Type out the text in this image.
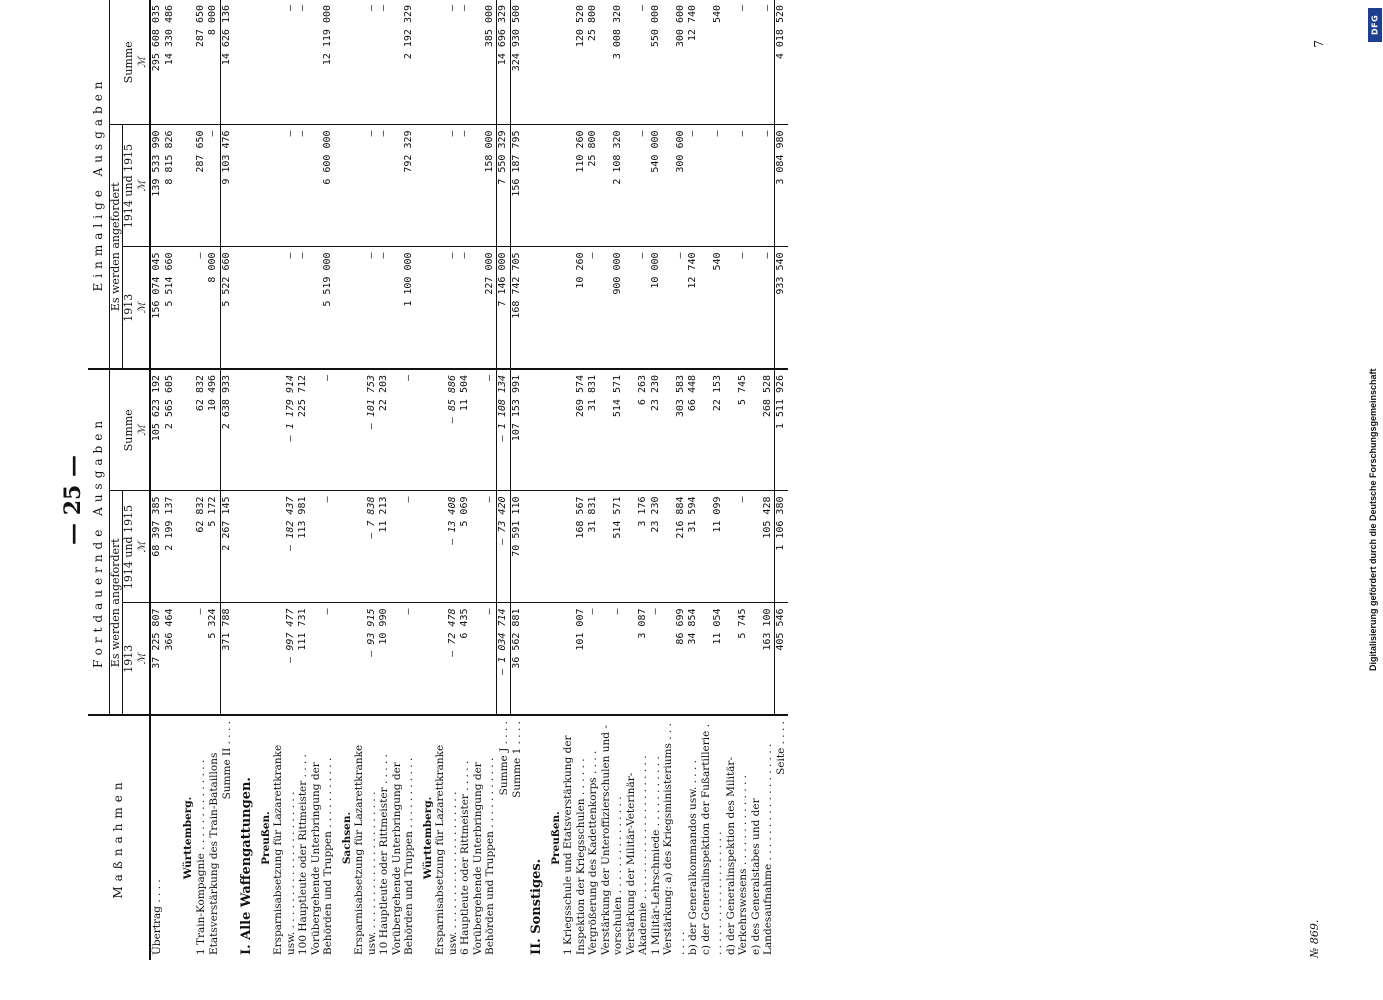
DFG
Digitalisierung gefördert durch die Deutsche Forschungsgemeinschaft
— 25 —
7
№ 869.
Maßnahmen	Fortdauernde Ausgaben			Einmalige Ausgaben		
	Es werden angefordert		Summe ℳ	Es werden angefordert		Summe ℳ
	1913 ℳ	1914 und 1915 ℳ		1913 ℳ	1914 und 1915 ℳ	
Übertrag . . . .	37 225 807	68 397 385	105 623 192	156 074 045	139 533 990	295 608 035
	366 464	2 199 137	2 565 605	5 514 660	8 815 826	14 330 486
Württemberg.						
1 Train-Kompagnie . . . . . . . . . . . . . .	—	62 832	62 832	—	287 650	287 650
Etatsverstärkung des Train-Bataillons	5 324	5 172	10 496	8 000	—	8 000
Summe II . . . .	371 788	2 267 145	2 638 933	5 522 660	9 103 476	14 626 136
I. Alle Waffengattungen.						
Preußen.						
Ersparnisabsetzung für Lazarettkranke usw. . . . . . . . . . . . . . . . . . . . . .	— 997 477	— 182 437	— 1 179 914	—	—	—
100 Hauptleute oder Rittmeister . . . .	111 731	113 981	225 712	—	—	—
Vorübergehende Unterbringung der Behörden und Truppen . . . . . . . . . . .	—	—	—	5 519 000	6 600 000	12 119 000
Sachsen.						
Ersparnisabsetzung für Lazarettkranke usw. . . . . . . . . . . . . . . . . . . . . .	— 93 915	— 7 838	— 101 753	—	—	—
10 Hauptleute oder Rittmeister . . . . .	10 990	11 213	22 203	—	—	—
Vorübergehende Unterbringung der Behörden und Truppen . . . . . . . . . . .	—	—	—	1 100 000	792 329	2 192 329
Württemberg.						
Ersparnisabsetzung für Lazarettkranke usw. . . . . . . . . . . . . . . . . . . . . .	— 72 478	— 13 408	— 85 886	—	—	—
6 Hauptleute oder Rittmeister . . . . .	6 435	5 069	11 504	—	—	—
Vorübergehende Unterbringung der Behörden und Truppen . . . . . . . . . . .	—	—	—	227 000	158 000	385 000
Summe J . . . .	— 1 034 714	— 73 420	— 1 108 134	7 146 000	7 550 329	14 696 329
Summe 1 . . . .	36 562 881	70 591 110	107 153 991	168 742 705	156 187 795	324 930 500
II. Sonstiges.						
Preußen.						
1 Kriegsschule und Etatsverstärkung der Inspektion der Kriegsschulen . . . . . .	101 007	168 567	269 574	10 260	110 260	120 520
Vergrößerung des Kadettenkorps . . . .	—	31 831	31 831	—	25 800	25 800
Verstärkung der Unteroffizierschulen und -vorschulen . . . . . . . . . . . . . . .	—	514 571	514 571	900 000	2 108 320	3 008 320
Verstärkung der Militär-Veterinär-Akademie . . . . . . . . . . . . . . . . . . . . . .	3 087	3 176	6 263	—	—	—
1 Militär-Lehrschmiede . . . . . . . . . . .	—	23 230	23 230	10 000	540 000	550 000
Verstärkung: a) des Kriegsministeriums . . . . . . .	86 699	216 884	303 583	—	300 600	300 600
b) der Generalkommandos usw. . . . .	34 854	31 594	66 448	12 740	—	12 740
c) der Generalinspektion der Fußartillerie . . . . . . . . . . . . . . . . . . . .	11 054	11 099	22 153	540	—	540
d) der Generalinspektion des Militär-Verkehrswesens . . . . . . . . . . . . . .	5 745	—	5 745	—	—	—
e) des Generalstabes und der Landesaufnahme . . . . . . . . . . . . . . . . . .	163 100	105 428	268 528	—	—	—
Seite . . . .	405 546	1 106 380	1 511 926	933 540	3 084 980	4 018 520
